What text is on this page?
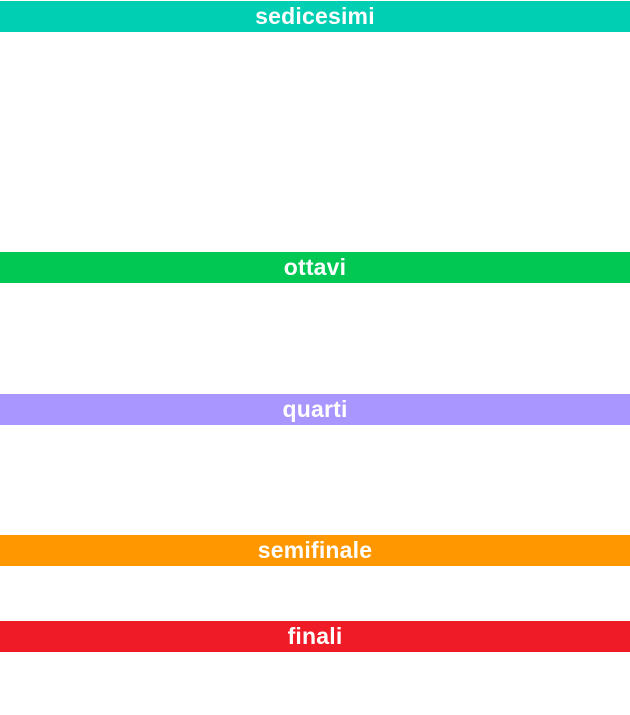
sedicesimi
ottavi
quarti
semifinale
finali
